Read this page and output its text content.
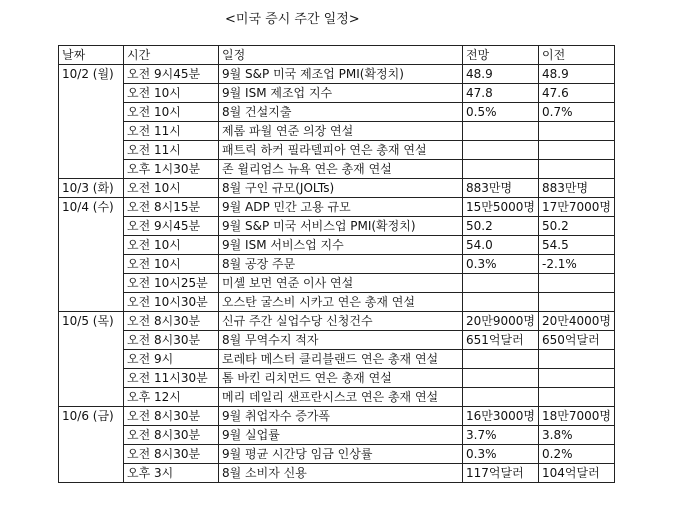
<미국 증시 주간 일정>
날짜	시간	일정	전망	이전
10/2 (월)	오전 9시45분	9월 S&P 미국 제조업 PMI(확정치)	48.9	48.9
	오전 10시	9월 ISM 제조업 지수	47.8	47.6
	오전 10시	8월 건설지출	0.5%	0.7%
	오전 11시	제롬 파월 연준 의장 연설		
	오전 11시	패트릭 하커 필라델피아 연은 총재 연설		
	오후 1시30분	존 윌리엄스 뉴욕 연은 총재 연설		
10/3 (화)	오전 10시	8월 구인 규모(JOLTs)	883만명	883만명
10/4 (수)	오전 8시15분	9월 ADP 민간 고용 규모	15만5000명	17만7000명
	오전 9시45분	9월 S&P 미국 서비스업 PMI(확정치)	50.2	50.2
	오전 10시	9월 ISM 서비스업 지수	54.0	54.5
	오전 10시	8월 공장 주문	0.3%	-2.1%
	오전 10시25분	미셸 보먼 연준 이사 연설		
	오전 10시30분	오스탄 굴스비 시카고 연은 총재 연설		
10/5 (목)	오전 8시30분	신규 주간 실업수당 신청건수	20만9000명	20만4000명
	오전 8시30분	8월 무역수지 적자	651억달러	650억달러
	오전 9시	로레타 메스터 클리블랜드 연은 총재 연설		
	오전 11시30분	톰 바킨 리치먼드 연은 총재 연설		
	오후 12시	메리 데일리 샌프란시스코 연은 총재 연설		
10/6 (금)	오전 8시30분	9월 취업자수 증가폭	16만3000명	18만7000명
	오전 8시30분	9월 실업률	3.7%	3.8%
	오전 8시30분	9월 평균 시간당 임금 인상률	0.3%	0.2%
	오후 3시	8월 소비자 신용	117억달러	104억달러
